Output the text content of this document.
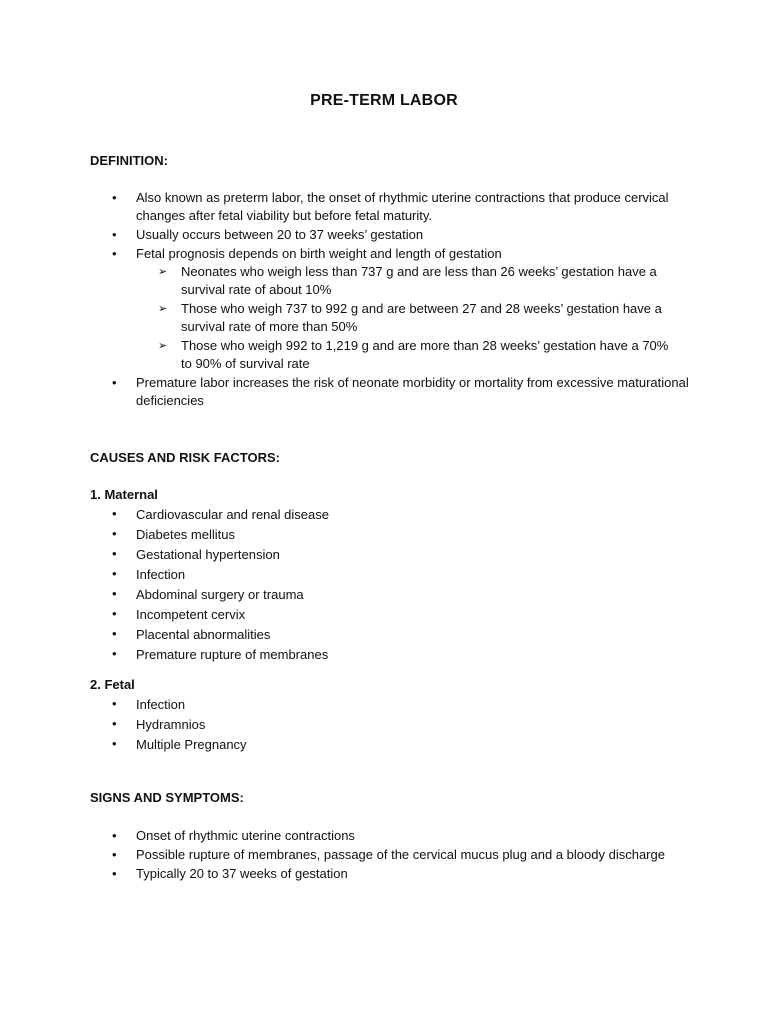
PRE-TERM LABOR
DEFINITION:
• Also known as preterm labor, the onset of rhythmic uterine contractions that produce cervical changes after fetal viability but before fetal maturity.
• Usually occurs between 20 to 37 weeks’ gestation
• Fetal prognosis depends on birth weight and length of gestation
➢ Neonates who weigh less than 737 g and are less than 26 weeks’ gestation have a survival rate of about 10%
➢ Those who weigh 737 to 992 g and are between 27 and 28 weeks’ gestation have a survival rate of more than 50%
➢ Those who weigh 992 to 1,219 g and are more than 28 weeks’ gestation have a 70% to 90% of survival rate
• Premature labor increases the risk of neonate morbidity or mortality from excessive maturational deficiencies
CAUSES AND RISK FACTORS:
1. Maternal
• Cardiovascular and renal disease
• Diabetes mellitus
• Gestational hypertension
• Infection
• Abdominal surgery or trauma
• Incompetent cervix
• Placental abnormalities
• Premature rupture of membranes
2. Fetal
• Infection
• Hydramnios
• Multiple Pregnancy
SIGNS AND SYMPTOMS:
• Onset of rhythmic uterine contractions
• Possible rupture of membranes, passage of the cervical mucus plug and a bloody discharge
• Typically 20 to 37 weeks of gestation
